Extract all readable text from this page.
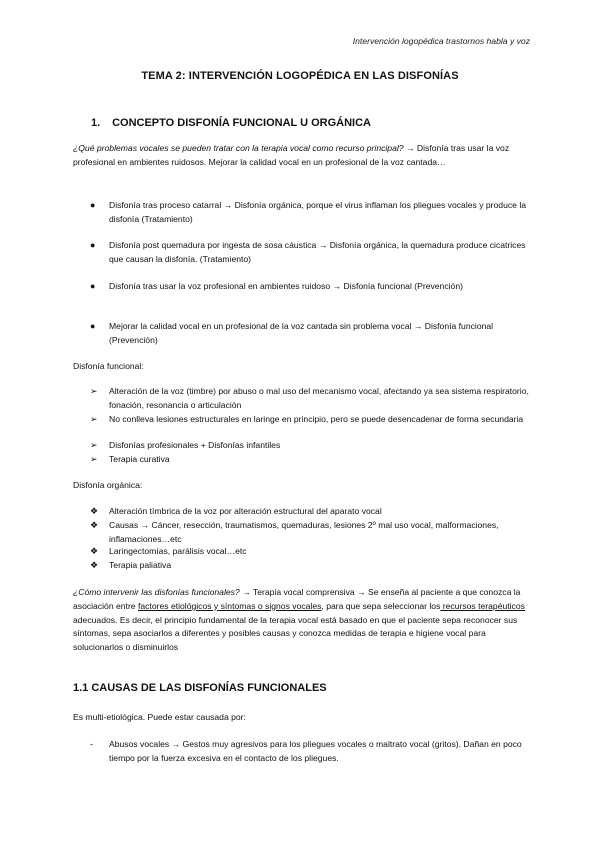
Intervención logopédica trastornos habla y voz
TEMA 2: INTERVENCIÓN LOGOPÉDICA EN LAS DISFONÍAS
1. CONCEPTO DISFONÍA FUNCIONAL U ORGÁNICA
¿Qué problemas vocales se pueden tratar con la terapia vocal como recurso principal? → Disfonía tras usar la voz profesional en ambientes ruidosos. Mejorar la calidad vocal en un profesional de la voz cantada…
● Disfonía tras proceso catarral → Disfonía orgánica, porque el virus inflaman los pliegues vocales y produce la disfonía (Tratamiento)
● Disfonía post quemadura por ingesta de sosa cáustica → Disfonía orgánica, la quemadura produce cicatrices que causan la disfonía. (Tratamiento)
● Disfonía tras usar la voz profesional en ambientes ruidoso → Disfonía funcional (Prevención)
● Mejorar la calidad vocal en un profesional de la voz cantada sin problema vocal → Disfonía funcional (Prevención)
Disfonía funcional:
➢ Alteración de la voz (timbre) por abuso o mal uso del mecanismo vocal, afectando ya sea sistema respiratorio, fonación, resonancia o articulación
➢ No conlleva lesiones estructurales en laringe en principio, pero se puede desencadenar de forma secundaria
➢ Disfonías profesionales + Disfonías infantiles
➢ Terapia curativa
Disfonía orgánica:
❖ Alteración tímbrica de la voz por alteración estructural del aparato vocal
❖ Causas → Cáncer, resección, traumatismos, quemaduras, lesiones 2º mal uso vocal, malformaciones, inflamaciones…etc
❖ Laringectomías, parálisis vocal…etc
❖ Terapia paliativa
¿Cómo intervenir las disfonías funcionales? → Terapia vocal comprensiva → Se enseña al paciente a que conozca la asociación entre factores etiológicos y síntomas o signos vocales, para que sepa seleccionar los recursos terapéuticos adecuados. Es decir, el principio fundamental de la terapia vocal está basado en que el paciente sepa reconocer sus síntomas, sepa asociarlos a diferentes y posibles causas y conozca medidas de terapia e higiene vocal para solucionarlos o disminuirlos
1.1 CAUSAS DE LAS DISFONÍAS FUNCIONALES
Es multi-etiológica. Puede estar causada por:
- Abusos vocales → Gestos muy agresivos para los pliegues vocales o maltrato vocal (gritos). Dañan en poco tiempo por la fuerza excesiva en el contacto de los pliegues.
